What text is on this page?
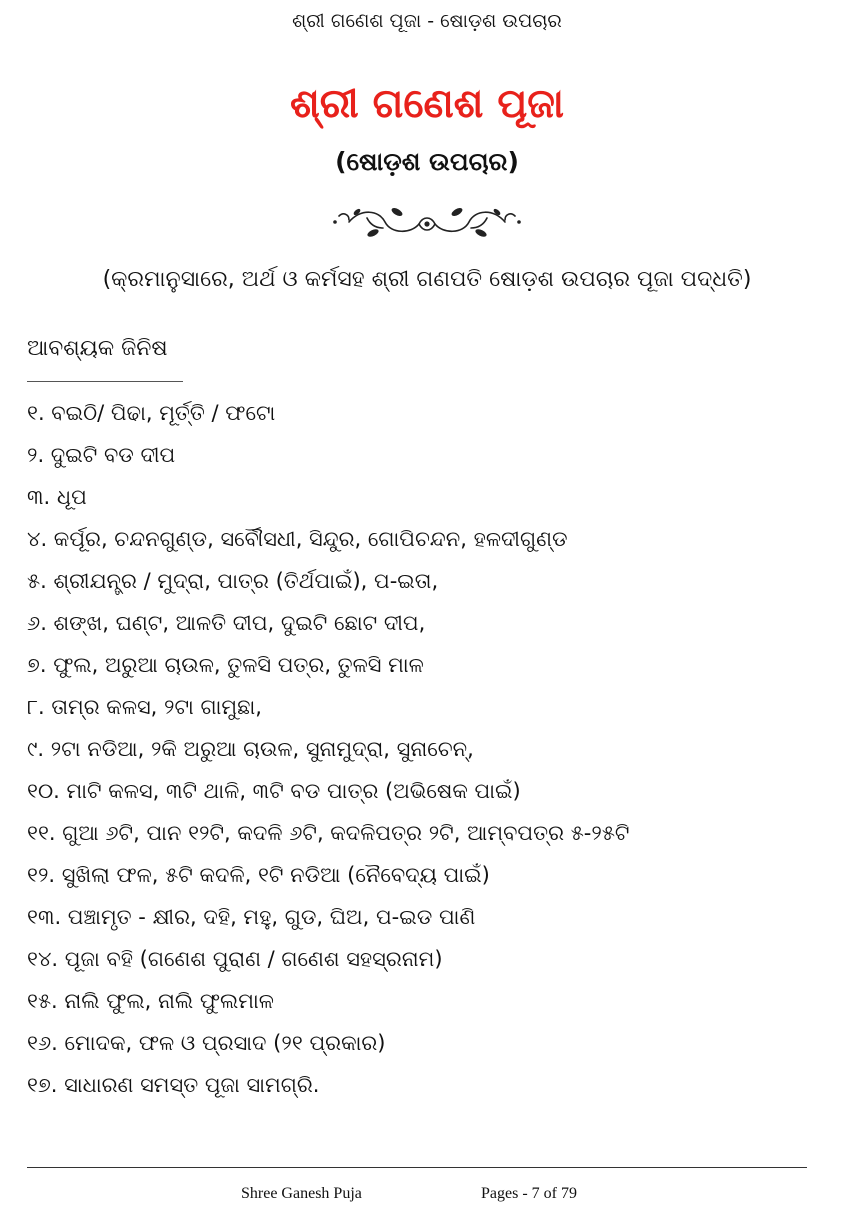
ଶ୍ରୀ ଗଣେଶ ପୂଜା - ଷୋଡ଼ଶ ଉପଚାର
ଶ୍ରୀ ଗଣେଶ ପୂଜା
(ଷୋଡ଼ଶ ଉପଚାର)
(କ୍ରମାନୁସାରେ, ଅର୍ଥ ଓ କର୍ମସହ ଶ୍ରୀ ଗଣପତି ଷୋଡ଼ଶ ଉପଚାର ପୂଜା ପଦ୍ଧତି)
ଆବଶ୍ୟକ ଜିନିଷ
୧. ବଇଠି/ ପିଢା, ମୂର୍ତ୍ତି / ଫଟୋ
୨. ଦୁଇଟି ବଡ ଦୀପ
୩. ଧୂପ
୪. କର୍ପୂର, ଚନ୍ଦନଗୁଣ୍ଡ, ସର୍ବୌସଧୀ, ସିନ୍ଦୁର, ଗୋପିଚନ୍ଦନ, ହଳଦୀଗୁଣ୍ଡ
୫. ଶ୍ରୀଯନ୍ତ୍ର / ମୁଦ୍ରା, ପାତ୍ର (ତିର୍ଥପାଇଁ), ପ-ଇତା,
୬. ଶଙ୍ଖ, ଘଣ୍ଟ, ଆଳତି ଦୀପ, ଦୁଇଟି ଛୋଟ ଦୀପ,
୭. ଫୁଲ, ଅରୁଆ ଚାଉଳ, ତୁଳସି ପତ୍ର, ତୁଳସି ମାଳ
୮. ତାମ୍ର କଳସ, ୨ଟା ଗାମୁଛା,
୯. ୨ଟା ନଡିଆ, ୨କି ଅରୁଆ ଚାଉଳ, ସୁନାମୁଦ୍ରା, ସୁନାଚେନ୍,
୧୦. ମାଟି କଳସ, ୩ଟି ଥାଳି, ୩ଟି ବଡ ପାତ୍ର (ଅଭିଷେକ ପାଇଁ)
୧୧. ଗୁଆ ୬ଟି, ପାନ ୧୨ଟି, କଦଳି ୬ଟି, କଦଳିପତ୍ର ୨ଟି, ଆମ୍ବପତ୍ର ୫-୨୫ଟି
୧୨. ସୁଖିଲା ଫଳ, ୫ଟି କଦଳି, ୧ଟି ନଡିଆ (ନୈବେଦ୍ୟ ପାଇଁ)
୧୩. ପଞ୍ଚାମୃତ - କ୍ଷୀର, ଦହି, ମହୁ, ଗୁଡ, ଘିଅ, ପ-ଇଡ ପାଣି
୧୪. ପୂଜା ବହି (ଗଣେଶ ପୁରାଣ / ଗଣେଶ ସହସ୍ରନାମ)
୧୫. ନାଲି ଫୁଲ, ନାଲି ଫୁଲମାଳ
୧୬. ମୋଦକ, ଫଳ ଓ ପ୍ରସାଦ (୨୧ ପ୍ରକାର)
୧୭. ସାଧାରଣ ସମସ୍ତ ପୂଜା ସାମଗ୍ରି.
Shree Ganesh Puja	Pages - 7 of 79
